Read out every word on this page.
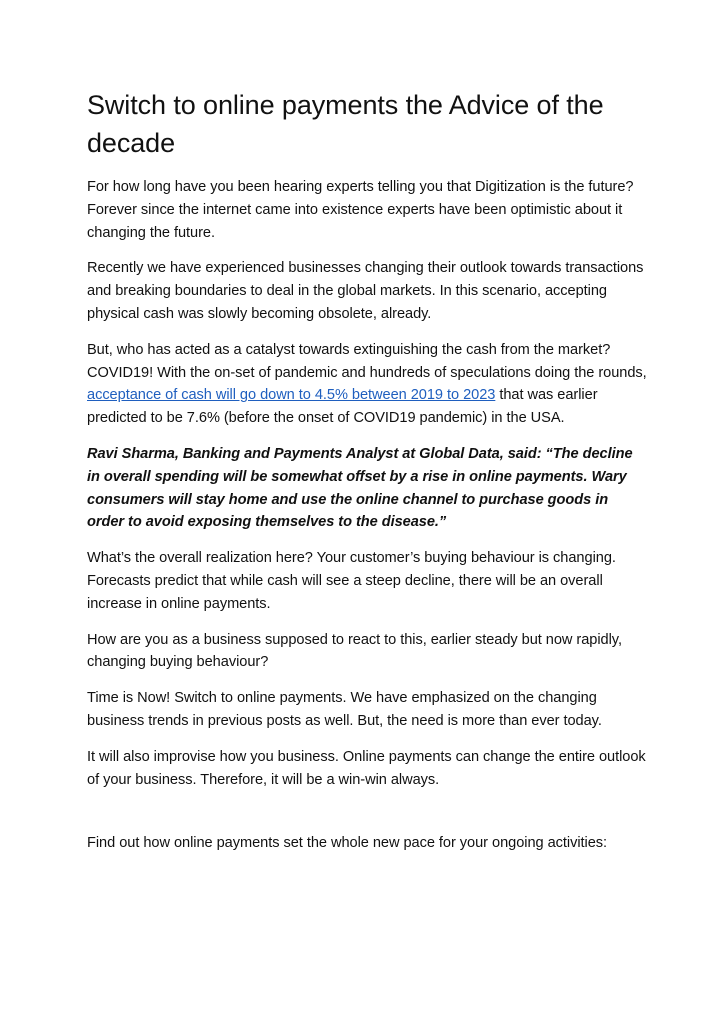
Switch to online payments the Advice of the decade

For how long have you been hearing experts telling you that Digitization is the future? Forever since the internet came into existence experts have been optimistic about it changing the future.

Recently we have experienced businesses changing their outlook towards transactions and breaking boundaries to deal in the global markets. In this scenario, accepting physical cash was slowly becoming obsolete, already.

But, who has acted as a catalyst towards extinguishing the cash from the market? COVID19! With the on-set of pandemic and hundreds of speculations doing the rounds, acceptance of cash will go down to 4.5% between 2019 to 2023 that was earlier predicted to be 7.6% (before the onset of COVID19 pandemic) in the USA.

Ravi Sharma, Banking and Payments Analyst at Global Data, said: “The decline in overall spending will be somewhat offset by a rise in online payments. Wary consumers will stay home and use the online channel to purchase goods in order to avoid exposing themselves to the disease.”

What’s the overall realization here? Your customer’s buying behaviour is changing. Forecasts predict that while cash will see a steep decline, there will be an overall increase in online payments.

How are you as a business supposed to react to this, earlier steady but now rapidly, changing buying behaviour?

Time is Now! Switch to online payments. We have emphasized on the changing business trends in previous posts as well. But, the need is more than ever today.

It will also improvise how you business. Online payments can change the entire outlook of your business. Therefore, it will be a win-win always.

Find out how online payments set the whole new pace for your ongoing activities:
